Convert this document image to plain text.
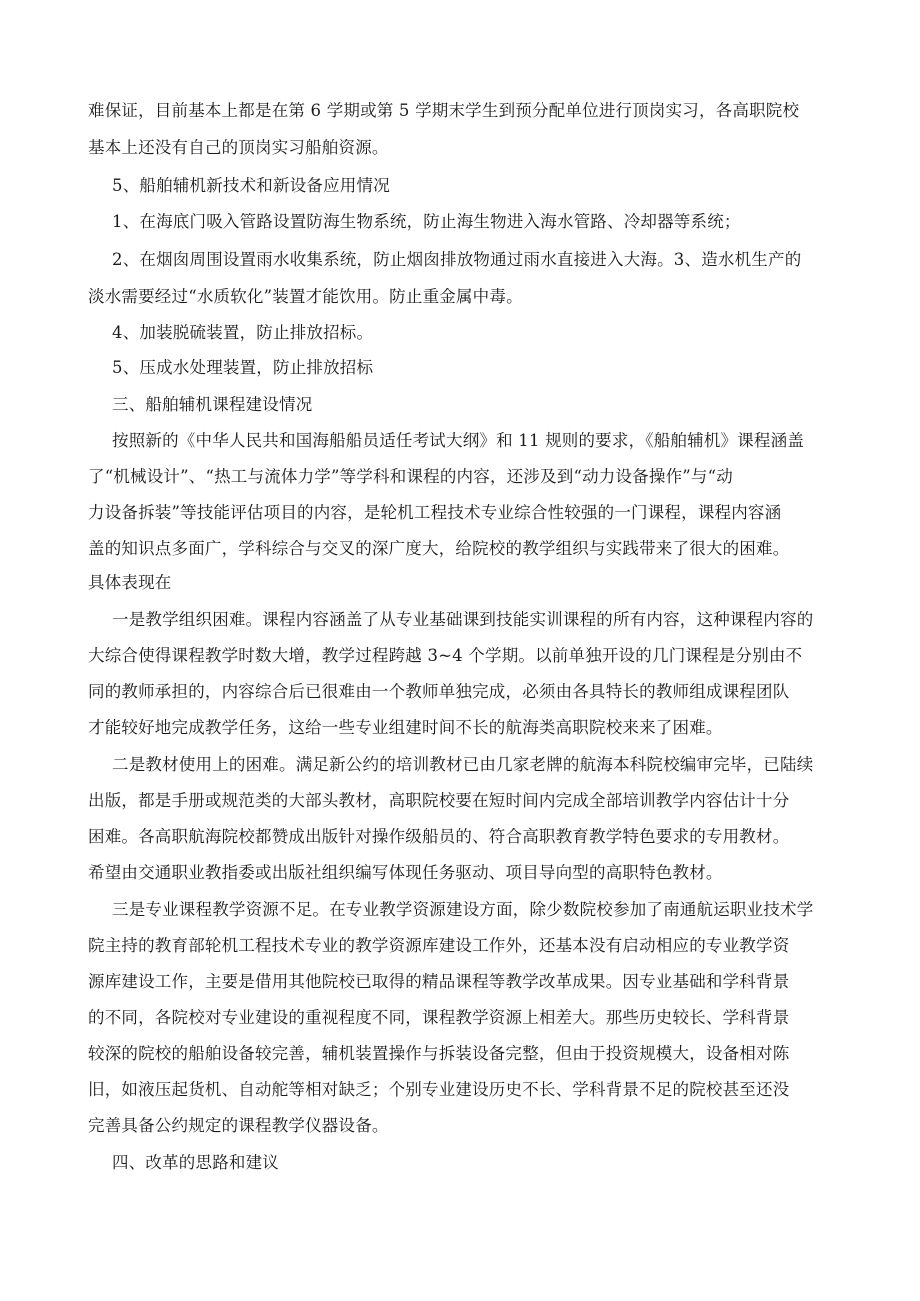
难保证，目前基本上都是在第 6 学期或第 5 学期末学生到预分配单位进行顶岗实习，各高职院校
基本上还没有自己的顶岗实习船舶资源。
5、船舶辅机新技术和新设备应用情况
1、在海底门吸入管路设置防海生物系统，防止海生物进入海水管路、冷却器等系统；
2、在烟囱周围设置雨水收集系统，防止烟囱排放物通过雨水直接进入大海。3、造水机生产的
淡水需要经过“水质软化”装置才能饮用。防止重金属中毒。
4、加装脱硫装置，防止排放招标。
5、压成水处理装置，防止排放招标
三、船舶辅机课程建设情况
按照新的《中华人民共和国海船船员适任考试大纲》和 11 规则的要求，《船舶辅机》课程涵盖
了“机械设计”、“热工与流体力学”等学科和课程的内容，还涉及到“动力设备操作”与“动
力设备拆装”等技能评估项目的内容，是轮机工程技术专业综合性较强的一门课程，课程内容涵
盖的知识点多面广，学科综合与交叉的深广度大，给院校的教学组织与实践带来了很大的困难。
具体表现在
一是教学组织困难。课程内容涵盖了从专业基础课到技能实训课程的所有内容，这种课程内容的
大综合使得课程教学时数大增，教学过程跨越 3~4 个学期。以前单独开设的几门课程是分别由不
同的教师承担的，内容综合后已很难由一个教师单独完成，必须由各具特长的教师组成课程团队
才能较好地完成教学任务，这给一些专业组建时间不长的航海类高职院校来来了困难。
二是教材使用上的困难。满足新公约的培训教材已由几家老牌的航海本科院校编审完毕，已陆续
出版，都是手册或规范类的大部头教材，高职院校要在短时间内完成全部培训教学内容估计十分
困难。各高职航海院校都赞成出版针对操作级船员的、符合高职教育教学特色要求的专用教材。
希望由交通职业教指委或出版社组织编写体现任务驱动、项目导向型的高职特色教材。
三是专业课程教学资源不足。在专业教学资源建设方面，除少数院校参加了南通航运职业技术学
院主持的教育部轮机工程技术专业的教学资源库建设工作外，还基本没有启动相应的专业教学资
源库建设工作，主要是借用其他院校已取得的精品课程等教学改革成果。因专业基础和学科背景
的不同，各院校对专业建设的重视程度不同，课程教学资源上相差大。那些历史较长、学科背景
较深的院校的船舶设备较完善，辅机装置操作与拆装设备完整，但由于投资规模大，设备相对陈
旧，如液压起货机、自动舵等相对缺乏；个别专业建设历史不长、学科背景不足的院校甚至还没
完善具备公约规定的课程教学仪器设备。
四、改革的思路和建议
